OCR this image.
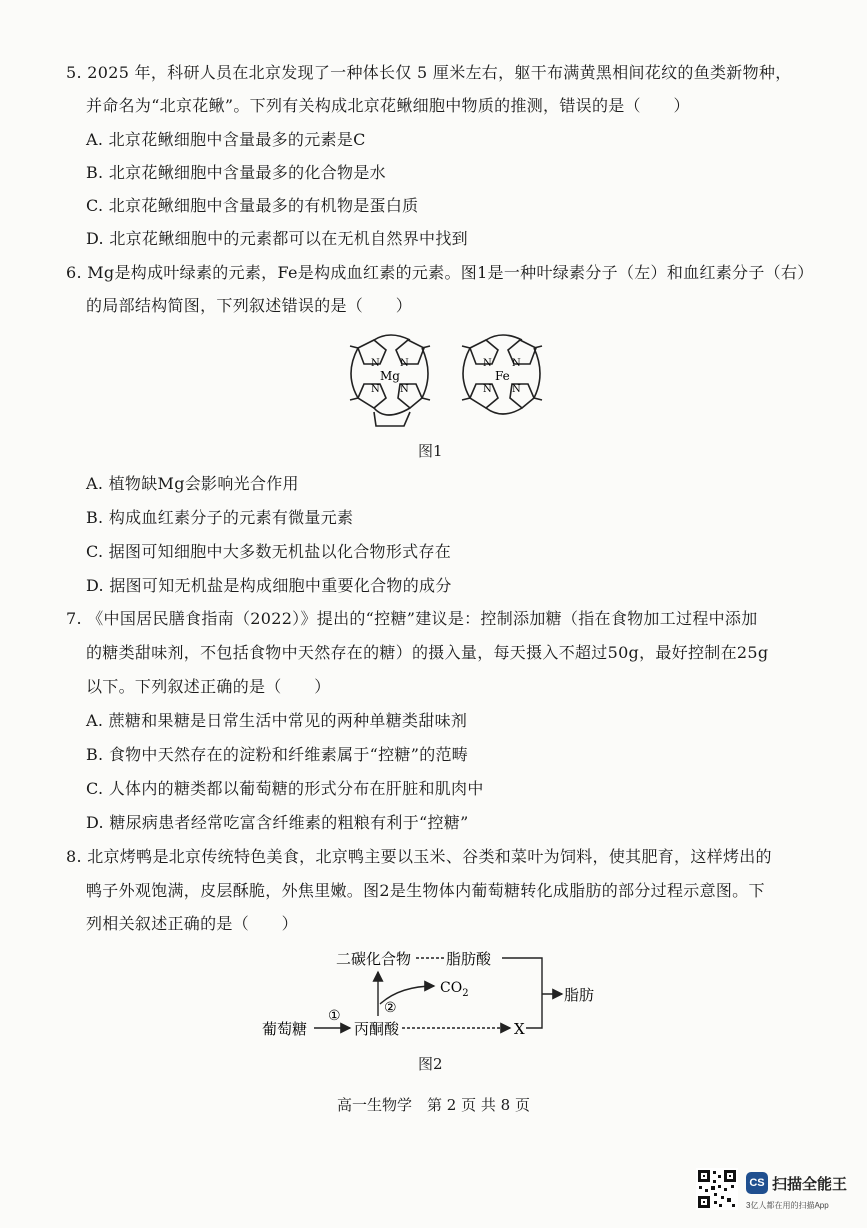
5. 2025 年，科研人员在北京发现了一种体长仅 5 厘米左右，躯干布满黄黑相间花纹的鱼类新物种，
并命名为“北京花鳅”。下列有关构成北京花鳅细胞中物质的推测，错误的是（　　）
A. 北京花鳅细胞中含量最多的元素是C
B. 北京花鳅细胞中含量最多的化合物是水
C. 北京花鳅细胞中含量最多的有机物是蛋白质
D. 北京花鳅细胞中的元素都可以在无机自然界中找到
6. Mg是构成叶绿素的元素，Fe是构成血红素的元素。图1是一种叶绿素分子（左）和血红素分子（右）
的局部结构简图，下列叙述错误的是（　　）
N N
N N
Mg
N N
N N
Fe
图1
A. 植物缺Mg会影响光合作用
B. 构成血红素分子的元素有微量元素
C. 据图可知细胞中大多数无机盐以化合物形式存在
D. 据图可知无机盐是构成细胞中重要化合物的成分
7. 《中国居民膳食指南（2022）》提出的“控糖”建议是：控制添加糖（指在食物加工过程中添加
的糖类甜味剂，不包括食物中天然存在的糖）的摄入量，每天摄入不超过50g，最好控制在25g
以下。下列叙述正确的是（　　）
A. 蔗糖和果糖是日常生活中常见的两种单糖类甜味剂
B. 食物中天然存在的淀粉和纤维素属于“控糖”的范畴
C. 人体内的糖类都以葡萄糖的形式分布在肝脏和肌肉中
D. 糖尿病患者经常吃富含纤维素的粗粮有利于“控糖”
8. 北京烤鸭是北京传统特色美食，北京鸭主要以玉米、谷类和菜叶为饲料，使其肥育，这样烤出的
鸭子外观饱满，皮层酥脆，外焦里嫩。图2是生物体内葡萄糖转化成脂肪的部分过程示意图。下
列相关叙述正确的是（　　）
二碳化合物 脂肪酸
葡萄糖	丙酮酸
$CO_2$
X
脂肪
①	②
图2
高一生物学　第 2 页 共 8 页
CS 扫描全能王
3亿人都在用的扫描App
